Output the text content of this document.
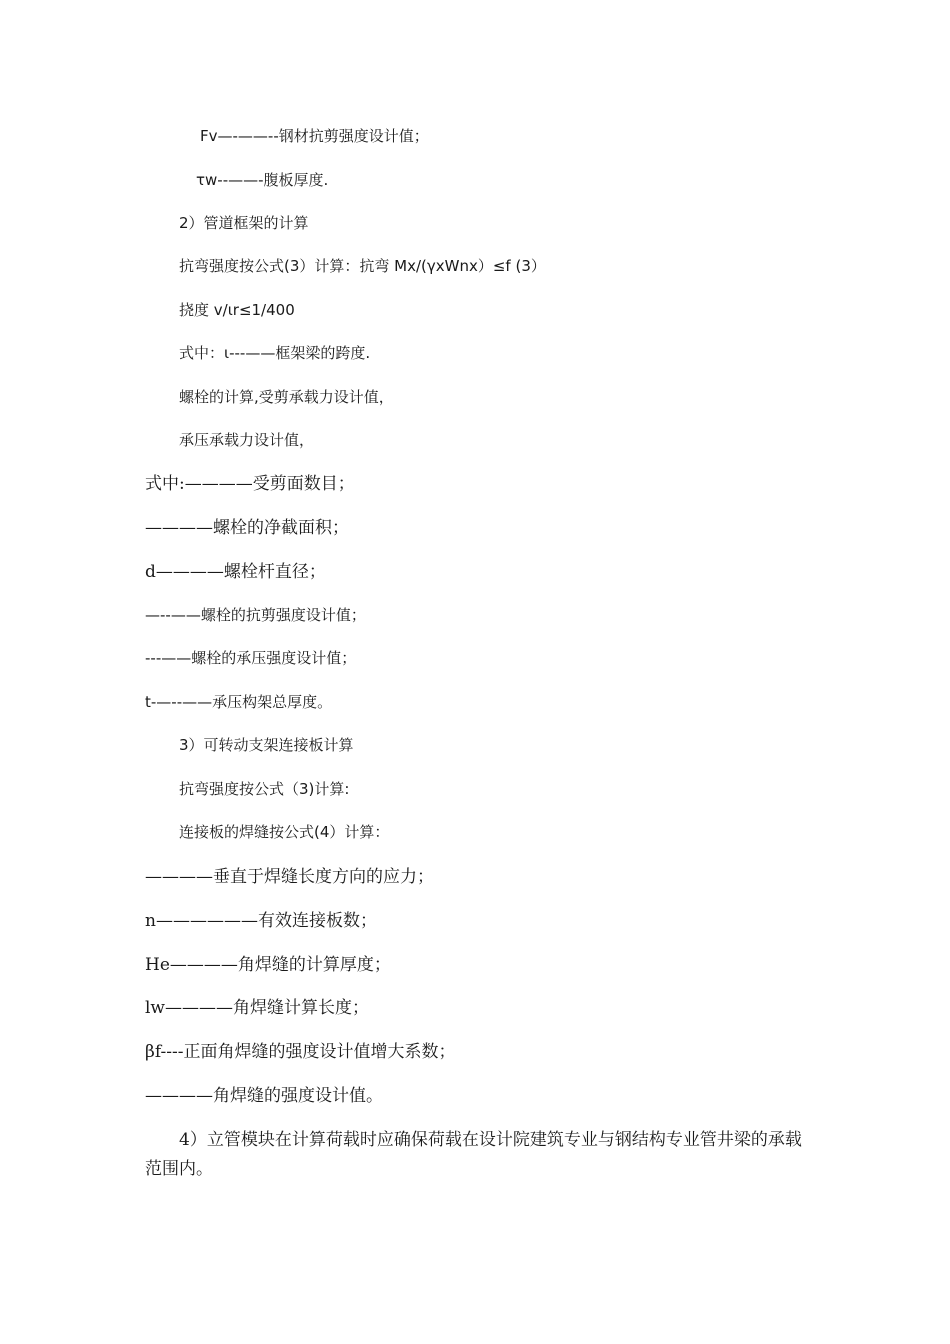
Fv—-——--钢材抗剪强度设计值；
τw--——-腹板厚度.
2）管道框架的计算
抗弯强度按公式(3）计算：抗弯 Mx/(γxWnx）≤f (3）
挠度 v/ιr≤1/400
式中：ι---——框架梁的跨度.
螺栓的计算,受剪承载力设计值，
承压承载力设计值，
式中:————受剪面数目；
————螺栓的净截面积；
d————螺栓杆直径；
—--——螺栓的抗剪强度设计值；
---——螺栓的承压强度设计值；
t-—--——承压构架总厚度。
3）可转动支架连接板计算
抗弯强度按公式（3)计算:
连接板的焊缝按公式(4）计算：
————垂直于焊缝长度方向的应力；
n——————有效连接板数；
He————角焊缝的计算厚度；
lw————角焊缝计算长度；
βf----正面角焊缝的强度设计值增大系数；
————角焊缝的强度设计值。
4）立管模块在计算荷载时应确保荷载在设计院建筑专业与钢结构专业管井梁的承载范围内。
